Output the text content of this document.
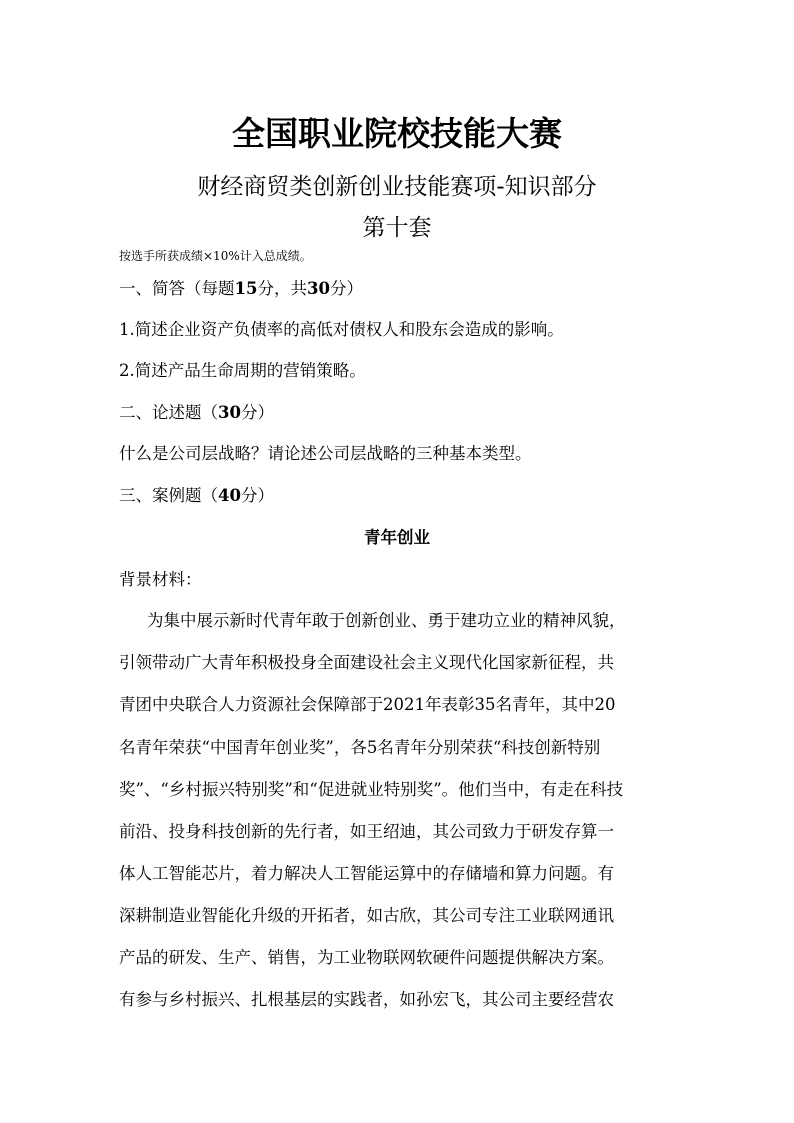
全国职业院校技能大赛
财经商贸类创新创业技能赛项-知识部分
第十套
按选手所获成绩×10%计入总成绩。
一、简答（每题15分，共30分）
1.简述企业资产负债率的高低对债权人和股东会造成的影响。
2.简述产品生命周期的营销策略。
二、论述题（30分）
什么是公司层战略？请论述公司层战略的三种基本类型。
三、案例题（40分）
青年创业
背景材料：
为集中展示新时代青年敢于创新创业、勇于建功立业的精神风貌，
引领带动广大青年积极投身全面建设社会主义现代化国家新征程，共
青团中央联合人力资源社会保障部于2021年表彰35名青年，其中20
名青年荣获“中国青年创业奖”，各5名青年分别荣获“科技创新特别
奖”、“乡村振兴特别奖”和“促进就业特别奖”。他们当中，有走在科技
前沿、投身科技创新的先行者，如王绍迪，其公司致力于研发存算一
体人工智能芯片，着力解决人工智能运算中的存储墙和算力问题。有
深耕制造业智能化升级的开拓者，如古欣，其公司专注工业联网通讯
产品的研发、生产、销售，为工业物联网软硬件问题提供解决方案。
有参与乡村振兴、扎根基层的实践者，如孙宏飞，其公司主要经营农
